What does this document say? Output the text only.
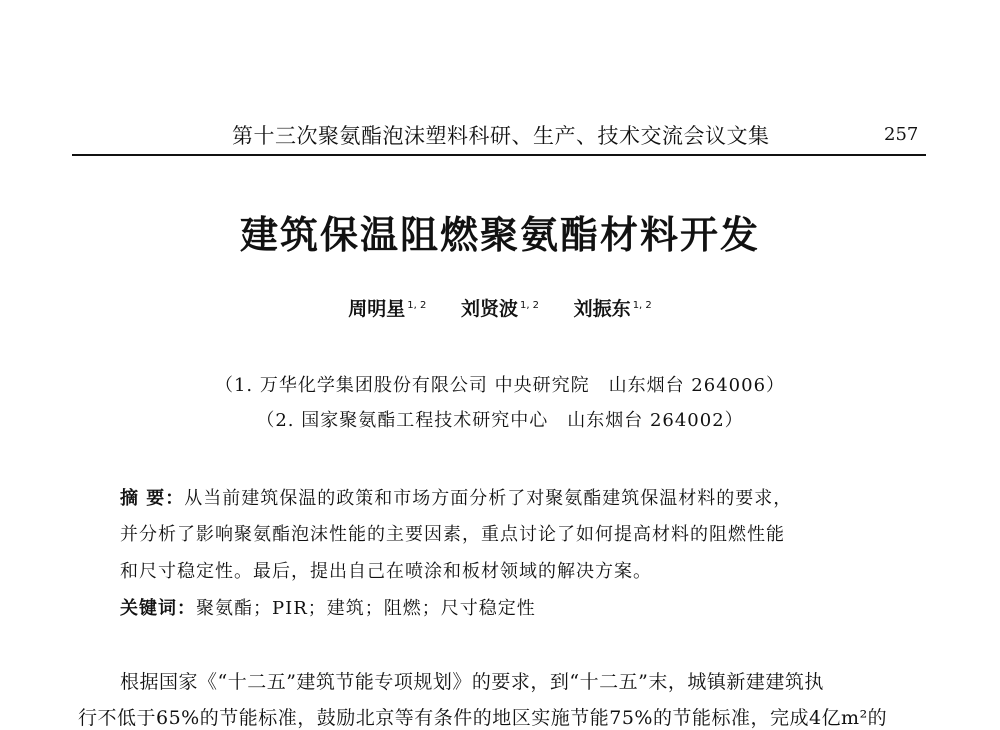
第十三次聚氨酯泡沫塑料科研、生产、技术交流会议文集	257
建筑保温阻燃聚氨酯材料开发
周明星 $^{1, 2}$ 刘贤波 $^{1, 2}$ 刘振东 $^{1, 2}$
（1. 万华化学集团股份有限公司 中央研究院　山东烟台 264006）
（2. 国家聚氨酯工程技术研究中心　山东烟台 264002）
摘 要：从当前建筑保温的政策和市场方面分析了对聚氨酯建筑保温材料的要求，
并分析了影响聚氨酯泡沫性能的主要因素，重点讨论了如何提高材料的阻燃性能
和尺寸稳定性。最后，提出自己在喷涂和板材领域的解决方案。
关键词：聚氨酯；PIR；建筑；阻燃；尺寸稳定性
根据国家《“十二五”建筑节能专项规划》的要求，到“十二五”末，城镇新建建筑执
行不低于65%的节能标准，鼓励北京等有条件的地区实施节能75%的节能标准，完成4亿m²的
